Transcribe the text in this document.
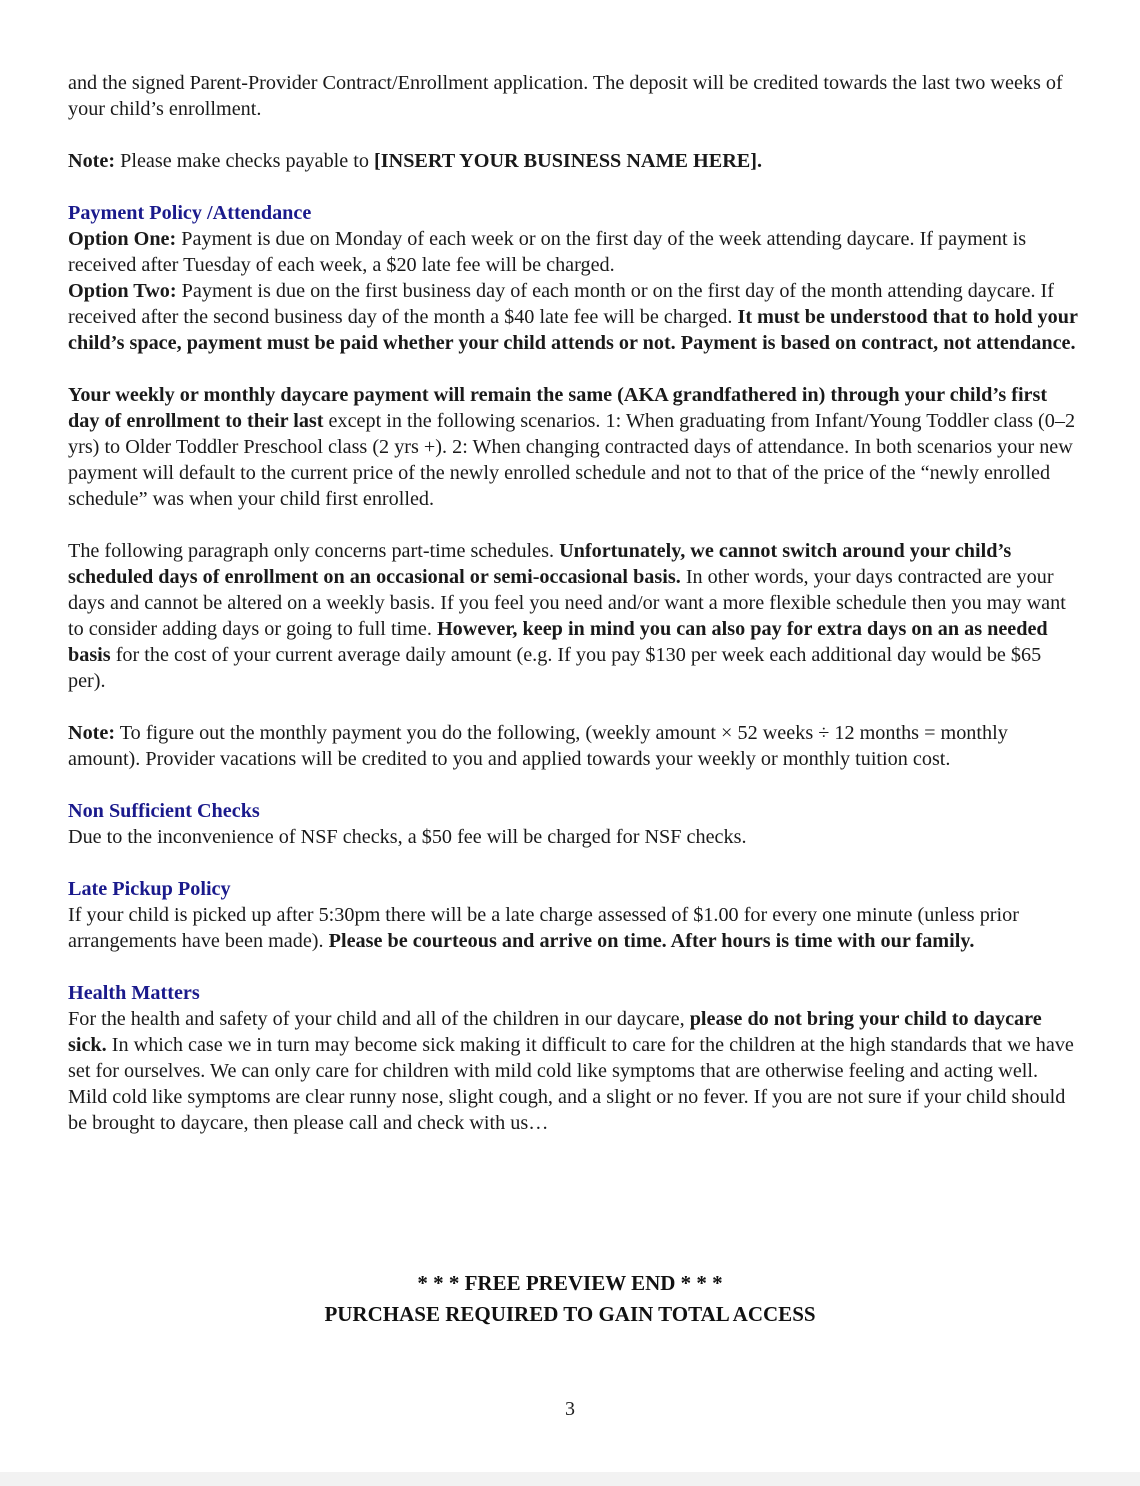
and the signed Parent-Provider Contract/Enrollment application. The deposit will be credited towards the last two weeks of your child’s enrollment.

Note: Please make checks payable to [INSERT YOUR BUSINESS NAME HERE].

Payment Policy /Attendance

Option One: Payment is due on Monday of each week or on the first day of the week attending daycare. If payment is received after Tuesday of each week, a $20 late fee will be charged.

Option Two: Payment is due on the first business day of each month or on the first day of the month attending daycare. If received after the second business day of the month a $40 late fee will be charged. It must be understood that to hold your child’s space, payment must be paid whether your child attends or not. Payment is based on contract, not attendance.

Your weekly or monthly daycare payment will remain the same (AKA grandfathered in) through your child’s first day of enrollment to their last except in the following scenarios. 1: When graduating from Infant/Young Toddler class (0–2 yrs) to Older Toddler Preschool class (2 yrs +). 2: When changing contracted days of attendance. In both scenarios your new payment will default to the current price of the newly enrolled schedule and not to that of the price of the “newly enrolled schedule” was when your child first enrolled.

The following paragraph only concerns part-time schedules. Unfortunately, we cannot switch around your child’s scheduled days of enrollment on an occasional or semi-occasional basis. In other words, your days contracted are your days and cannot be altered on a weekly basis. If you feel you need and/or want a more flexible schedule then you may want to consider adding days or going to full time. However, keep in mind you can also pay for extra days on an as needed basis for the cost of your current average daily amount (e.g. If you pay $130 per week each additional day would be $65 per).

Note: To figure out the monthly payment you do the following, (weekly amount × 52 weeks ÷ 12 months = monthly amount). Provider vacations will be credited to you and applied towards your weekly or monthly tuition cost.

Non Sufficient Checks

Due to the inconvenience of NSF checks, a $50 fee will be charged for NSF checks.

Late Pickup Policy

If your child is picked up after 5:30pm there will be a late charge assessed of $1.00 for every one minute (unless prior arrangements have been made). Please be courteous and arrive on time. After hours is time with our family.

Health Matters

For the health and safety of your child and all of the children in our daycare, please do not bring your child to daycare sick. In which case we in turn may become sick making it difficult to care for the children at the high standards that we have set for ourselves. We can only care for children with mild cold like symptoms that are otherwise feeling and acting well. Mild cold like symptoms are clear runny nose, slight cough, and a slight or no fever. If you are not sure if your child should be brought to daycare, then please call and check with us…

* * * FREE PREVIEW END * * *
PURCHASE REQUIRED TO GAIN TOTAL ACCESS
3
